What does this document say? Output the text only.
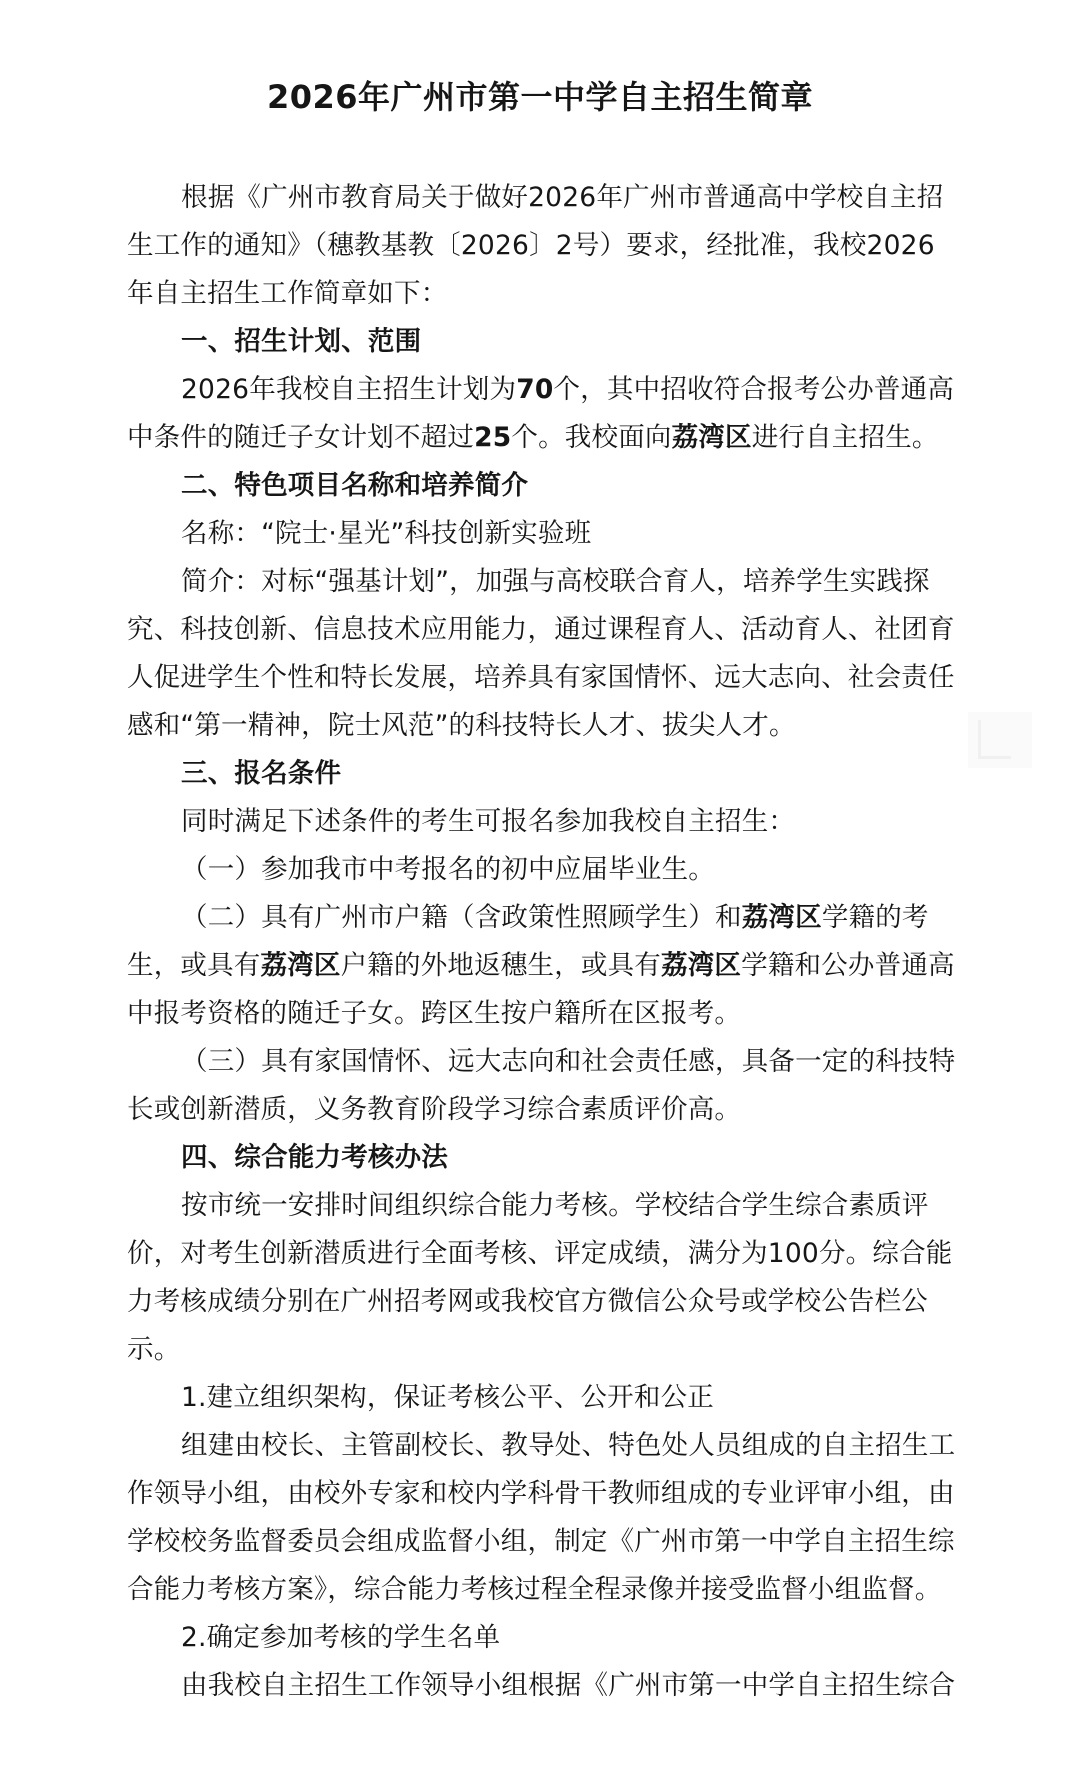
2026年广州市第一中学自主招生简章
根据《广州市教育局关于做好2026年广州市普通高中学校自主招
生工作的通知》（穗教基教〔2026〕2号）要求，经批准，我校2026
年自主招生工作简章如下：
一、招生计划、范围
2026年我校自主招生计划为70个，其中招收符合报考公办普通高
中条件的随迁子女计划不超过25个。我校面向荔湾区进行自主招生。
二、特色项目名称和培养简介
名称：“院士·星光”科技创新实验班
简介：对标“强基计划”，加强与高校联合育人，培养学生实践探
究、科技创新、信息技术应用能力，通过课程育人、活动育人、社团育
人促进学生个性和特长发展，培养具有家国情怀、远大志向、社会责任
感和“第一精神，院士风范”的科技特长人才、拔尖人才。
三、报名条件
同时满足下述条件的考生可报名参加我校自主招生：
（一）参加我市中考报名的初中应届毕业生。
（二）具有广州市户籍（含政策性照顾学生）和荔湾区学籍的考
生，或具有荔湾区户籍的外地返穗生，或具有荔湾区学籍和公办普通高
中报考资格的随迁子女。跨区生按户籍所在区报考。
（三）具有家国情怀、远大志向和社会责任感，具备一定的科技特
长或创新潜质，义务教育阶段学习综合素质评价高。
四、综合能力考核办法
按市统一安排时间组织综合能力考核。学校结合学生综合素质评
价，对考生创新潜质进行全面考核、评定成绩，满分为100分。综合能
力考核成绩分别在广州招考网或我校官方微信公众号或学校公告栏公
示。
1.建立组织架构，保证考核公平、公开和公正
组建由校长、主管副校长、教导处、特色处人员组成的自主招生工
作领导小组，由校外专家和校内学科骨干教师组成的专业评审小组，由
学校校务监督委员会组成监督小组，制定《广州市第一中学自主招生综
合能力考核方案》，综合能力考核过程全程录像并接受监督小组监督。
2.确定参加考核的学生名单
由我校自主招生工作领导小组根据《广州市第一中学自主招生综合
